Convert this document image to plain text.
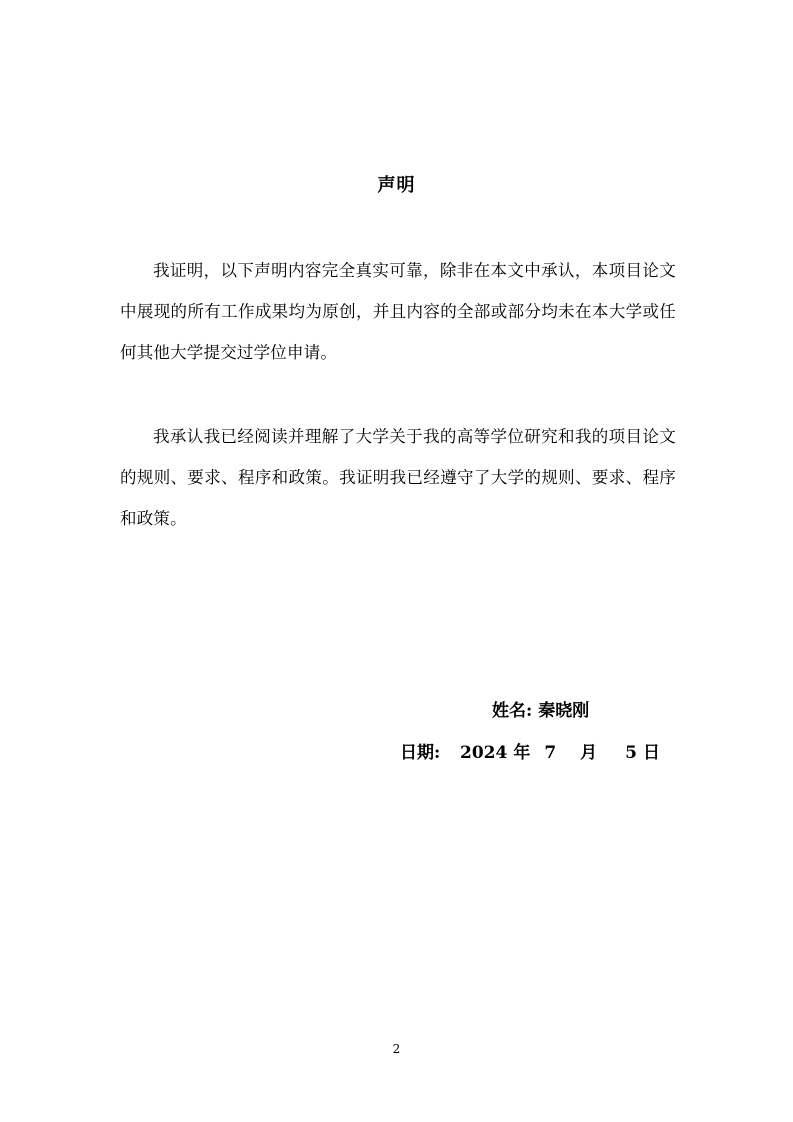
声明

我证明，以下声明内容完全真实可靠，除非在本文中承认，本项目论文中展现的所有工作成果均为原创，并且内容的全部或部分均未在本大学或任何其他大学提交过学位申请。

我承认我已经阅读并理解了大学关于我的高等学位研究和我的项目论文的规则、要求、程序和政策。我证明我已经遵守了大学的规则、要求、程序和政策。

姓名: 秦晓刚
日期: 2024 年 7 月 5 日
2
